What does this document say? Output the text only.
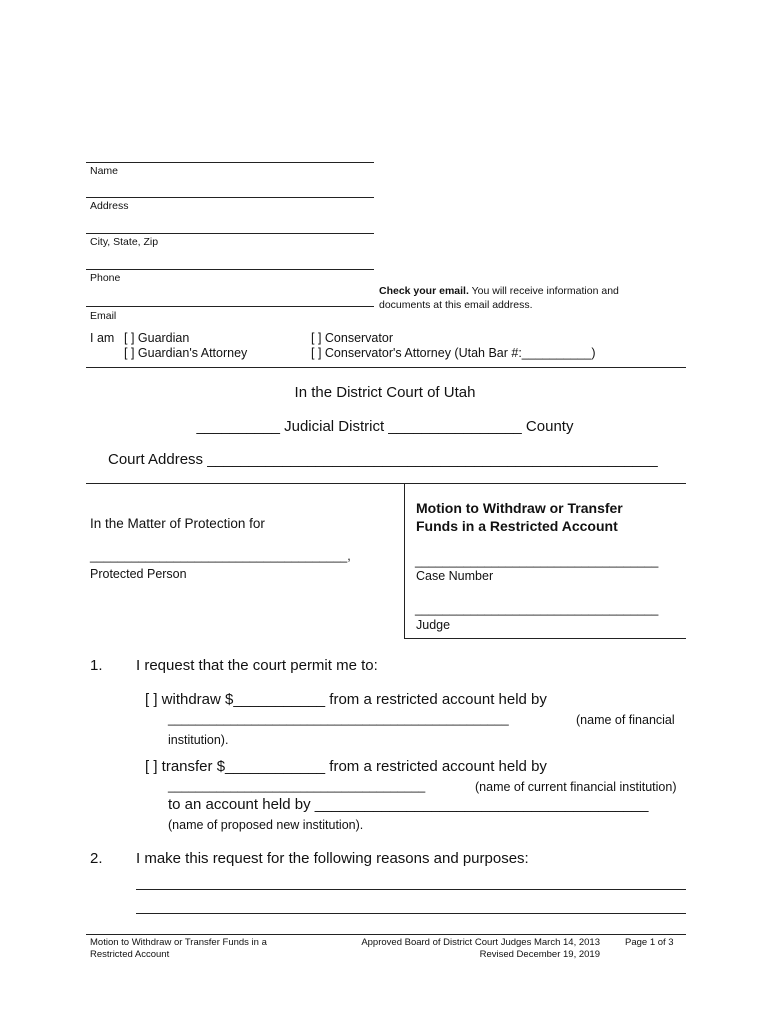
Name
Address
City, State, Zip
Phone
Email
Check your email. You will receive information and
documents at this email address.
I am [ ] Guardian
[ ] Guardian's Attorney
[ ] Conservator
[ ] Conservator's Attorney (Utah Bar #:__________)
In the District Court of Utah
__________ Judicial District ________________ County
Court Address ______________________________________________________
In the Matter of Protection for
_____________________________________,
Protected Person
Motion to Withdraw or Transfer
Funds in a Restricted Account
___________________________________
Case Number
___________________________________
Judge
1. I request that the court permit me to:
[ ] withdraw $___________ from a restricted account held by
_________________________________________________	(name of financial
institution).
[ ] transfer $____________ from a restricted account held by
_____________________________________	(name of current financial institution)
to an account held by ________________________________________
(name of proposed new institution).
2. I make this request for the following reasons and purposes:
Motion to Withdraw or Transfer Funds in a
Restricted Account
Approved Board of District Court Judges March 14, 2013
Revised December 19, 2019
Page 1 of 3
